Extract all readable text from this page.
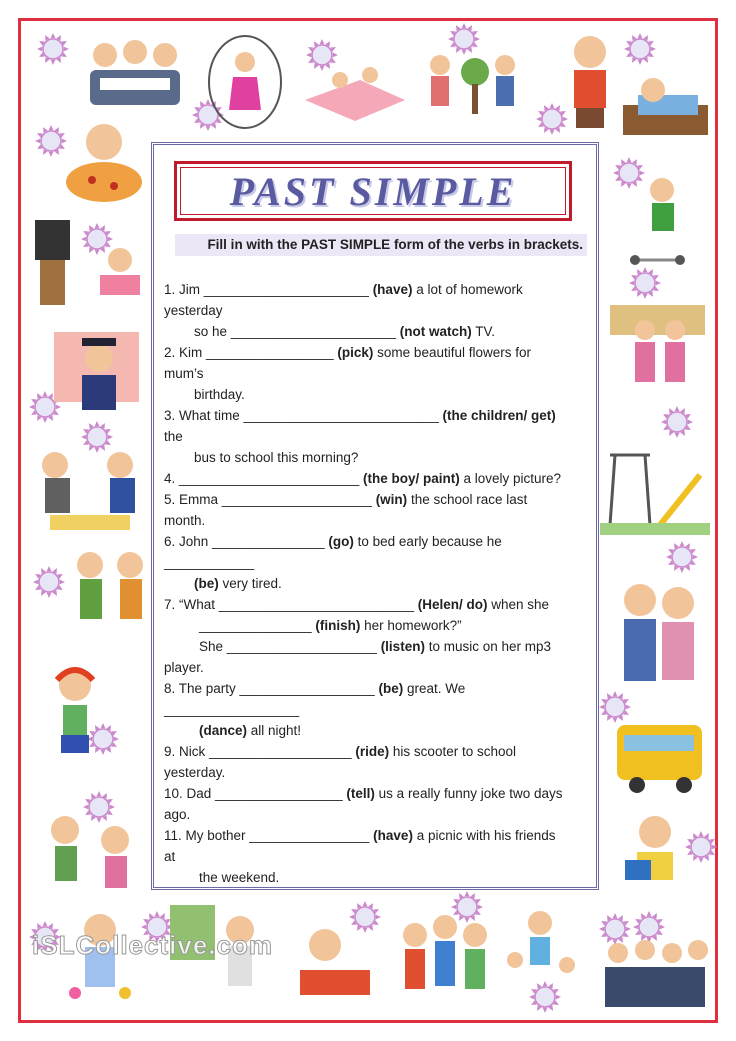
iSLCollective.com
PAST SIMPLE
Fill in with the PAST SIMPLE form of the verbs in brackets.
1. Jim ______________________ (have) a lot of homework
yesterday
so he ______________________ (not watch) TV.
2. Kim _________________ (pick) some beautiful flowers for
mum’s
birthday.
3. What time __________________________ (the children/ get)
the
bus to school this morning?
4. ________________________ (the boy/ paint) a lovely picture?
5. Emma ____________________ (win) the school race last
month.
6. John _______________ (go) to bed early because he
____________
(be) very tired.
7. “What __________________________ (Helen/ do) when she
_______________ (finish) her homework?”
She ____________________ (listen) to music on her mp3
player.
8. The party __________________ (be) great. We
__________________
(dance) all night!
9. Nick ___________________ (ride) his scooter to school
yesterday.
10. Dad _________________ (tell) us a really funny joke two days
ago.
11. My bother ________________ (have) a picnic with his friends
at
the weekend.
